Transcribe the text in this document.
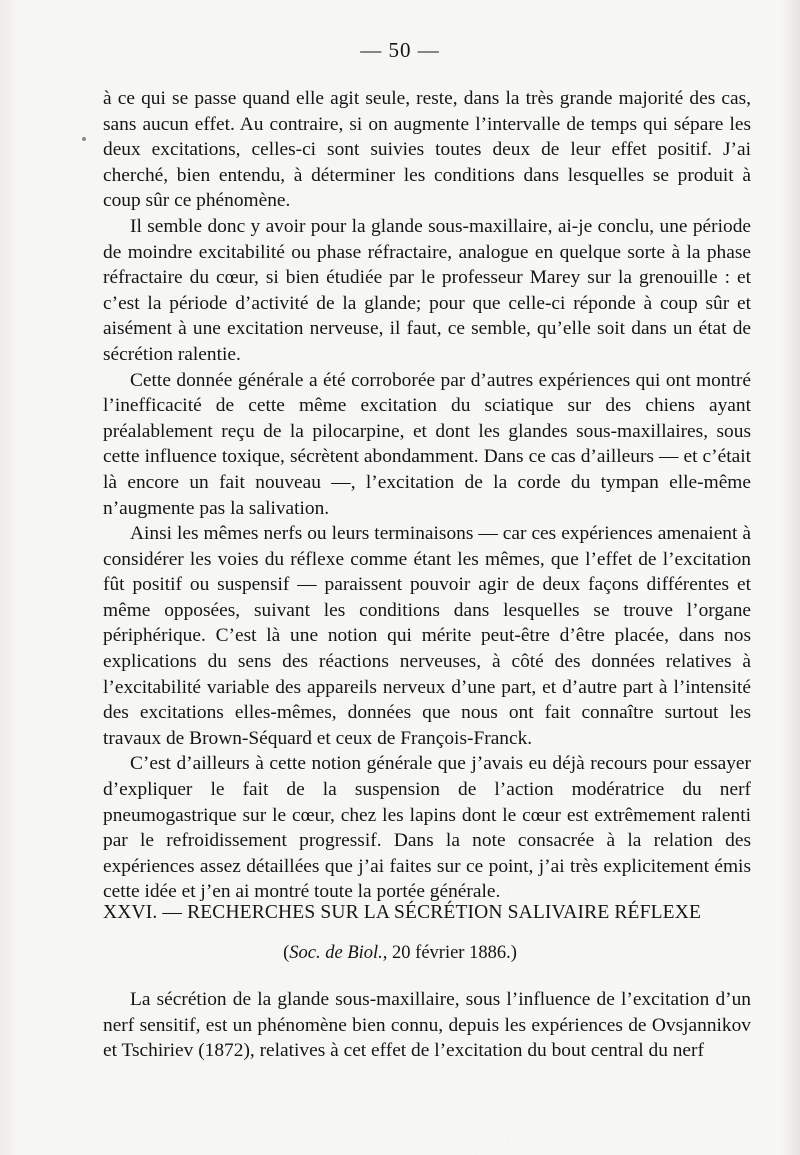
— 50 —

à ce qui se passe quand elle agit seule, reste, dans la très grande majorité des cas, sans aucun effet. Au contraire, si on augmente l’intervalle de temps qui sépare les deux excitations, celles-ci sont suivies toutes deux de leur effet positif. J’ai cherché, bien entendu, à déterminer les conditions dans lesquelles se produit à coup sûr ce phénomène.

Il semble donc y avoir pour la glande sous-maxillaire, ai-je conclu, une période de moindre excitabilité ou phase réfractaire, analogue en quelque sorte à la phase réfractaire du cœur, si bien étudiée par le professeur Marey sur la grenouille : et c’est la période d’activité de la glande; pour que celle-ci réponde à coup sûr et aisément à une excitation nerveuse, il faut, ce semble, qu’elle soit dans un état de sécrétion ralentie.

Cette donnée générale a été corroborée par d’autres expériences qui ont montré l’inefficacité de cette même excitation du sciatique sur des chiens ayant préalablement reçu de la pilocarpine, et dont les glandes sous-maxillaires, sous cette influence toxique, sécrètent abondamment. Dans ce cas d’ailleurs — et c’était là encore un fait nouveau —, l’excitation de la corde du tympan elle-même n’augmente pas la salivation.

Ainsi les mêmes nerfs ou leurs terminaisons — car ces expériences amenaient à considérer les voies du réflexe comme étant les mêmes, que l’effet de l’excitation fût positif ou suspensif — paraissent pouvoir agir de deux façons différentes et même opposées, suivant les conditions dans lesquelles se trouve l’organe périphérique. C’est là une notion qui mérite peut-être d’être placée, dans nos explications du sens des réactions nerveuses, à côté des données relatives à l’excitabilité variable des appareils nerveux d’une part, et d’autre part à l’intensité des excitations elles-mêmes, données que nous ont fait connaître surtout les travaux de Brown-Séquard et ceux de François-Franck.

C’est d’ailleurs à cette notion générale que j’avais eu déjà recours pour essayer d’expliquer le fait de la suspension de l’action modératrice du nerf pneumogastrique sur le cœur, chez les lapins dont le cœur est extrêmement ralenti par le refroidissement progressif. Dans la note consacrée à la relation des expériences assez détaillées que j’ai faites sur ce point, j’ai très explicitement émis cette idée et j’en ai montré toute la portée générale.

XXVI. — RECHERCHES SUR LA SÉCRÉTION SALIVAIRE RÉFLEXE
(Soc. de Biol., 20 février 1886.)

La sécrétion de la glande sous-maxillaire, sous l’influence de l’excitation d’un nerf sensitif, est un phénomène bien connu, depuis les expériences de Ovsjannikov et Tschiriev (1872), relatives à cet effet de l’excitation du bout central du nerf
